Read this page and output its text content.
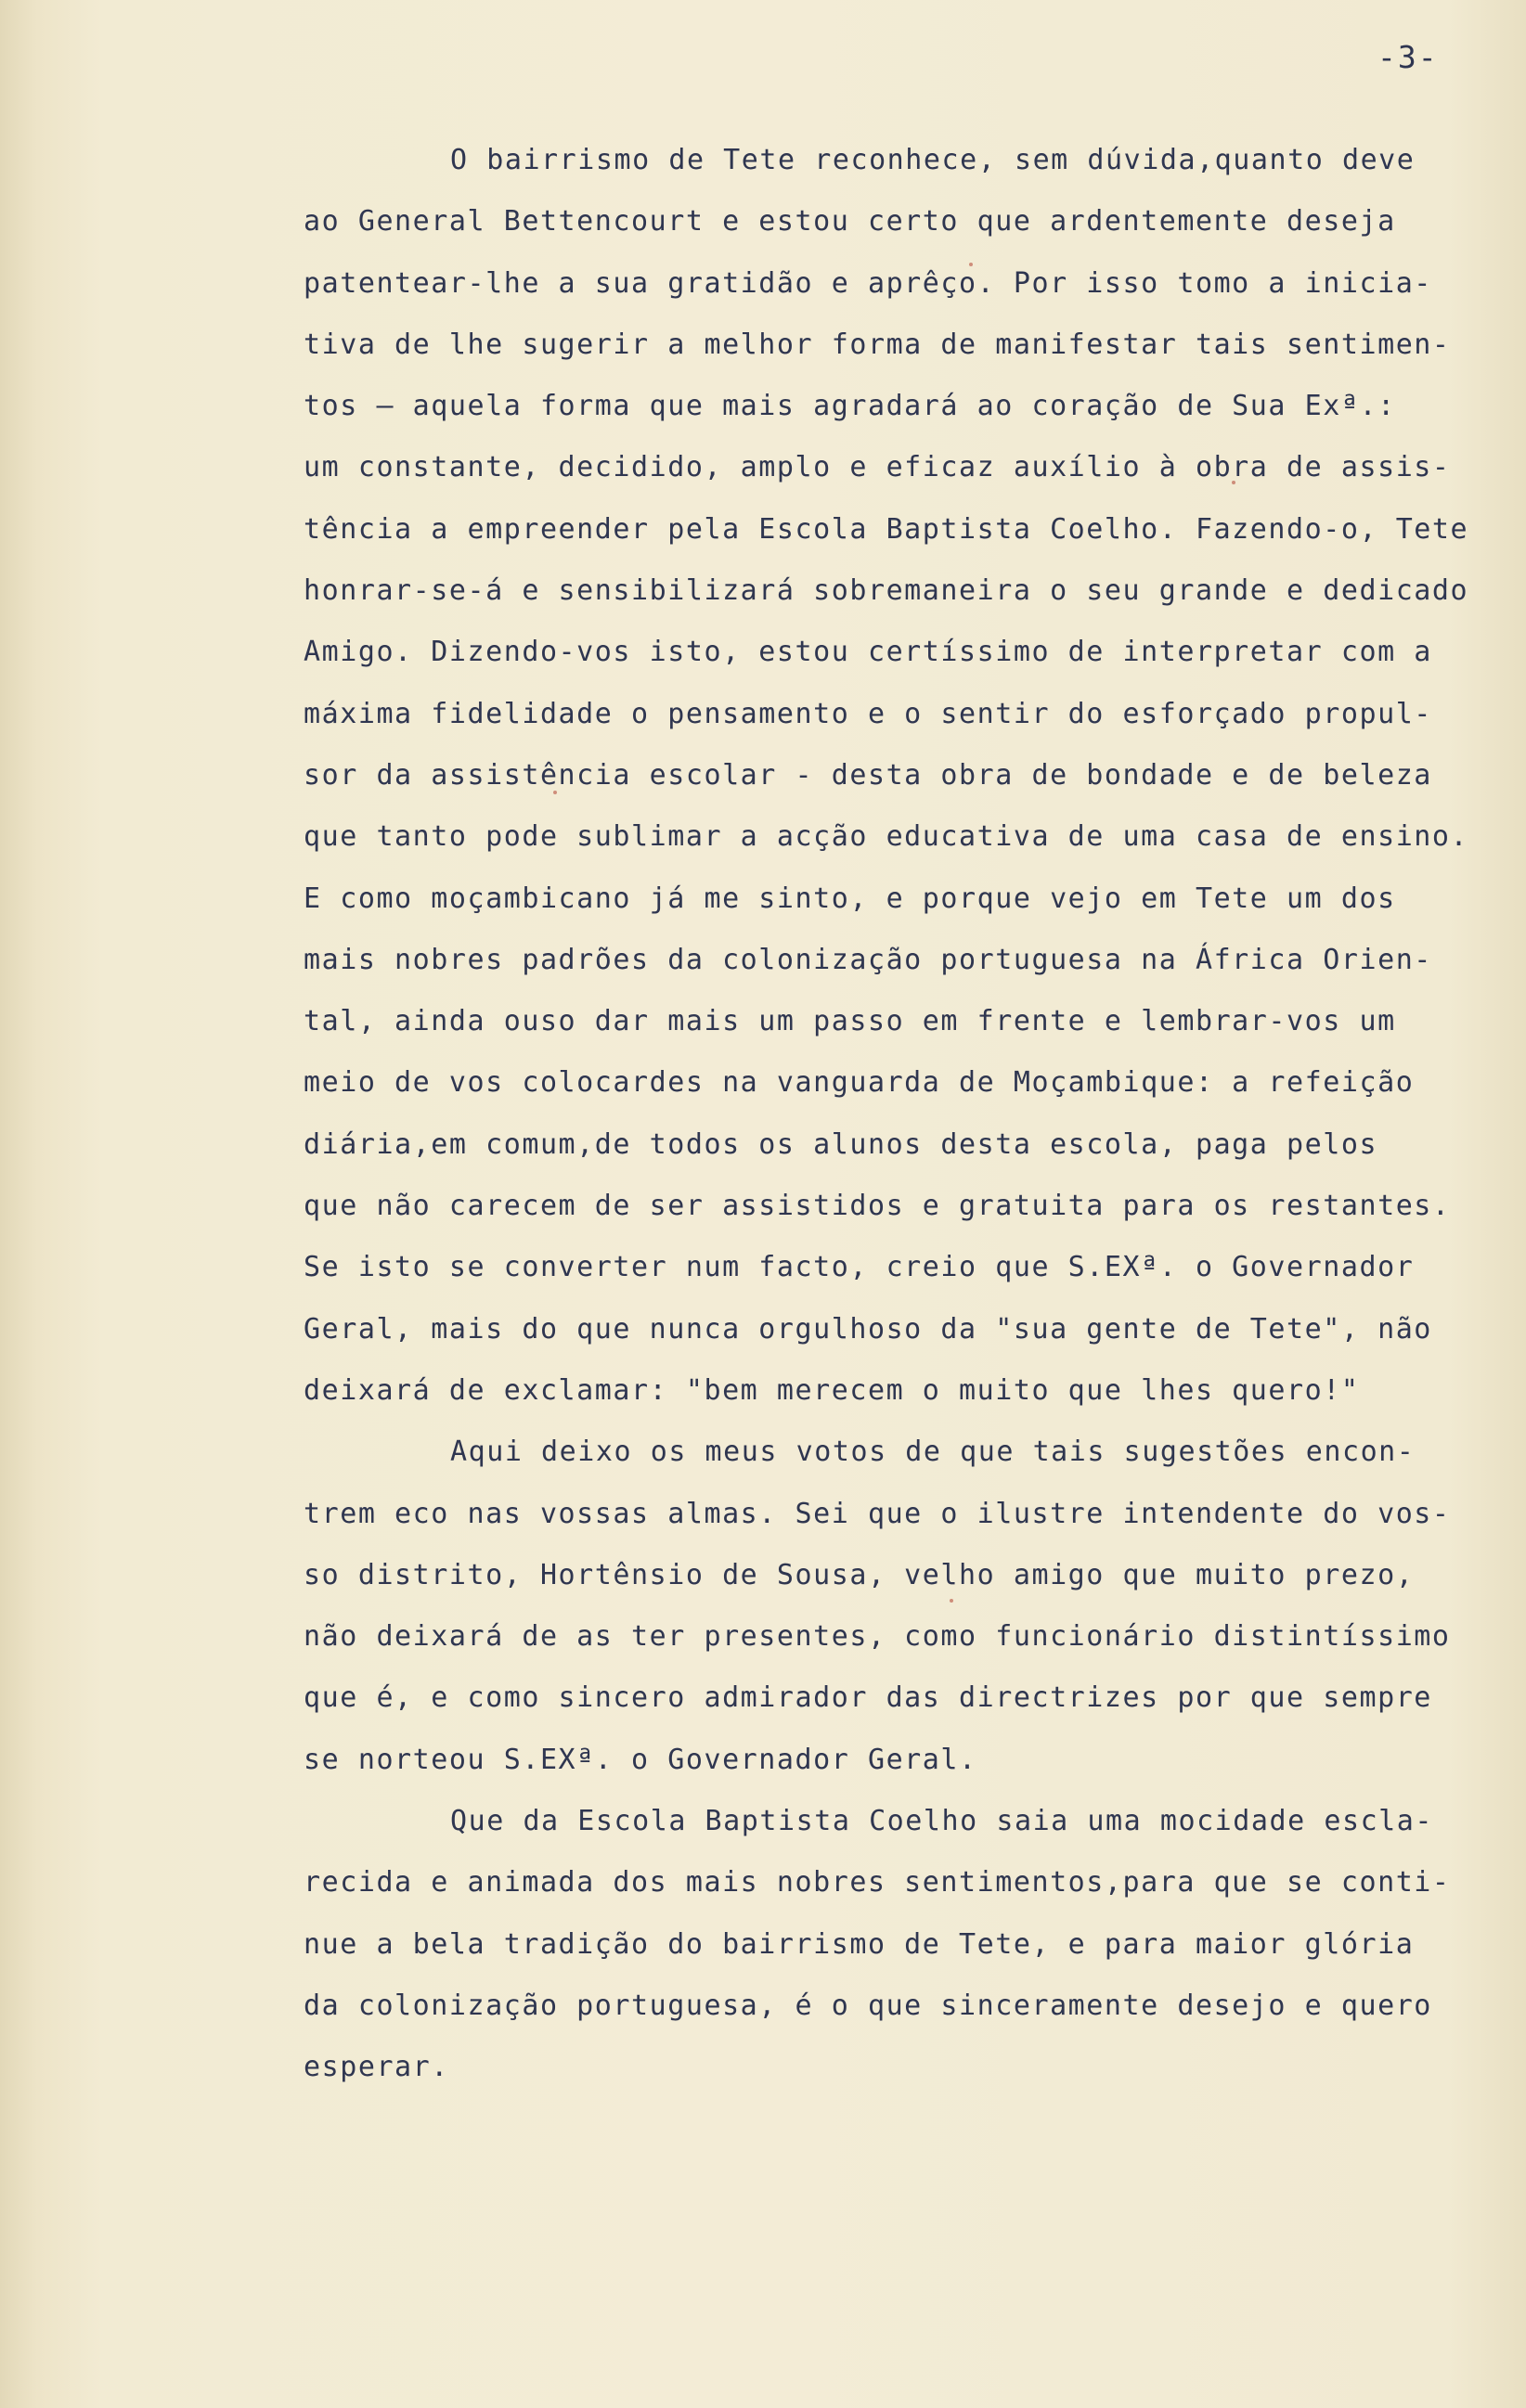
-3-
O bairrismo de Tete reconhece, sem dúvida,quanto deve
ao General Bettencourt e estou certo que ardentemente deseja
patentear-lhe a sua gratidão e aprêço. Por isso tomo a inicia-
tiva de lhe sugerir a melhor forma de manifestar tais sentimen-
tos — aquela forma que mais agradará ao coração de Sua Exª.:
um constante, decidido, amplo e eficaz auxílio à obra de assis-
tência a empreender pela Escola Baptista Coelho. Fazendo-o, Tete
honrar-se-á e sensibilizará sobremaneira o seu grande e dedicado
Amigo. Dizendo-vos isto, estou certíssimo de interpretar com a
máxima fidelidade o pensamento e o sentir do esforçado propul-
sor da assistência escolar - desta obra de bondade e de beleza
que tanto pode sublimar a acção educativa de uma casa de ensino.
E como moçambicano já me sinto, e porque vejo em Tete um dos
mais nobres padrões da colonização portuguesa na África Orien-
tal, ainda ouso dar mais um passo em frente e lembrar-vos um
meio de vos colocardes na vanguarda de Moçambique: a refeição
diária,em comum,de todos os alunos desta escola, paga pelos
que não carecem de ser assistidos e gratuita para os restantes.
Se isto se converter num facto, creio que S.EXª. o Governador
Geral, mais do que nunca orgulhoso da "sua gente de Tete", não
deixará de exclamar: "bem merecem o muito que lhes quero!"
Aqui deixo os meus votos de que tais sugestões encon-
trem eco nas vossas almas. Sei que o ilustre intendente do vos-
so distrito, Hortênsio de Sousa, velho amigo que muito prezo,
não deixará de as ter presentes, como funcionário distintíssimo
que é, e como sincero admirador das directrizes por que sempre
se norteou S.EXª. o Governador Geral.
Que da Escola Baptista Coelho saia uma mocidade escla-
recida e animada dos mais nobres sentimentos,para que se conti-
nue a bela tradição do bairrismo de Tete, e para maior glória
da colonização portuguesa, é o que sinceramente desejo e quero
esperar.
